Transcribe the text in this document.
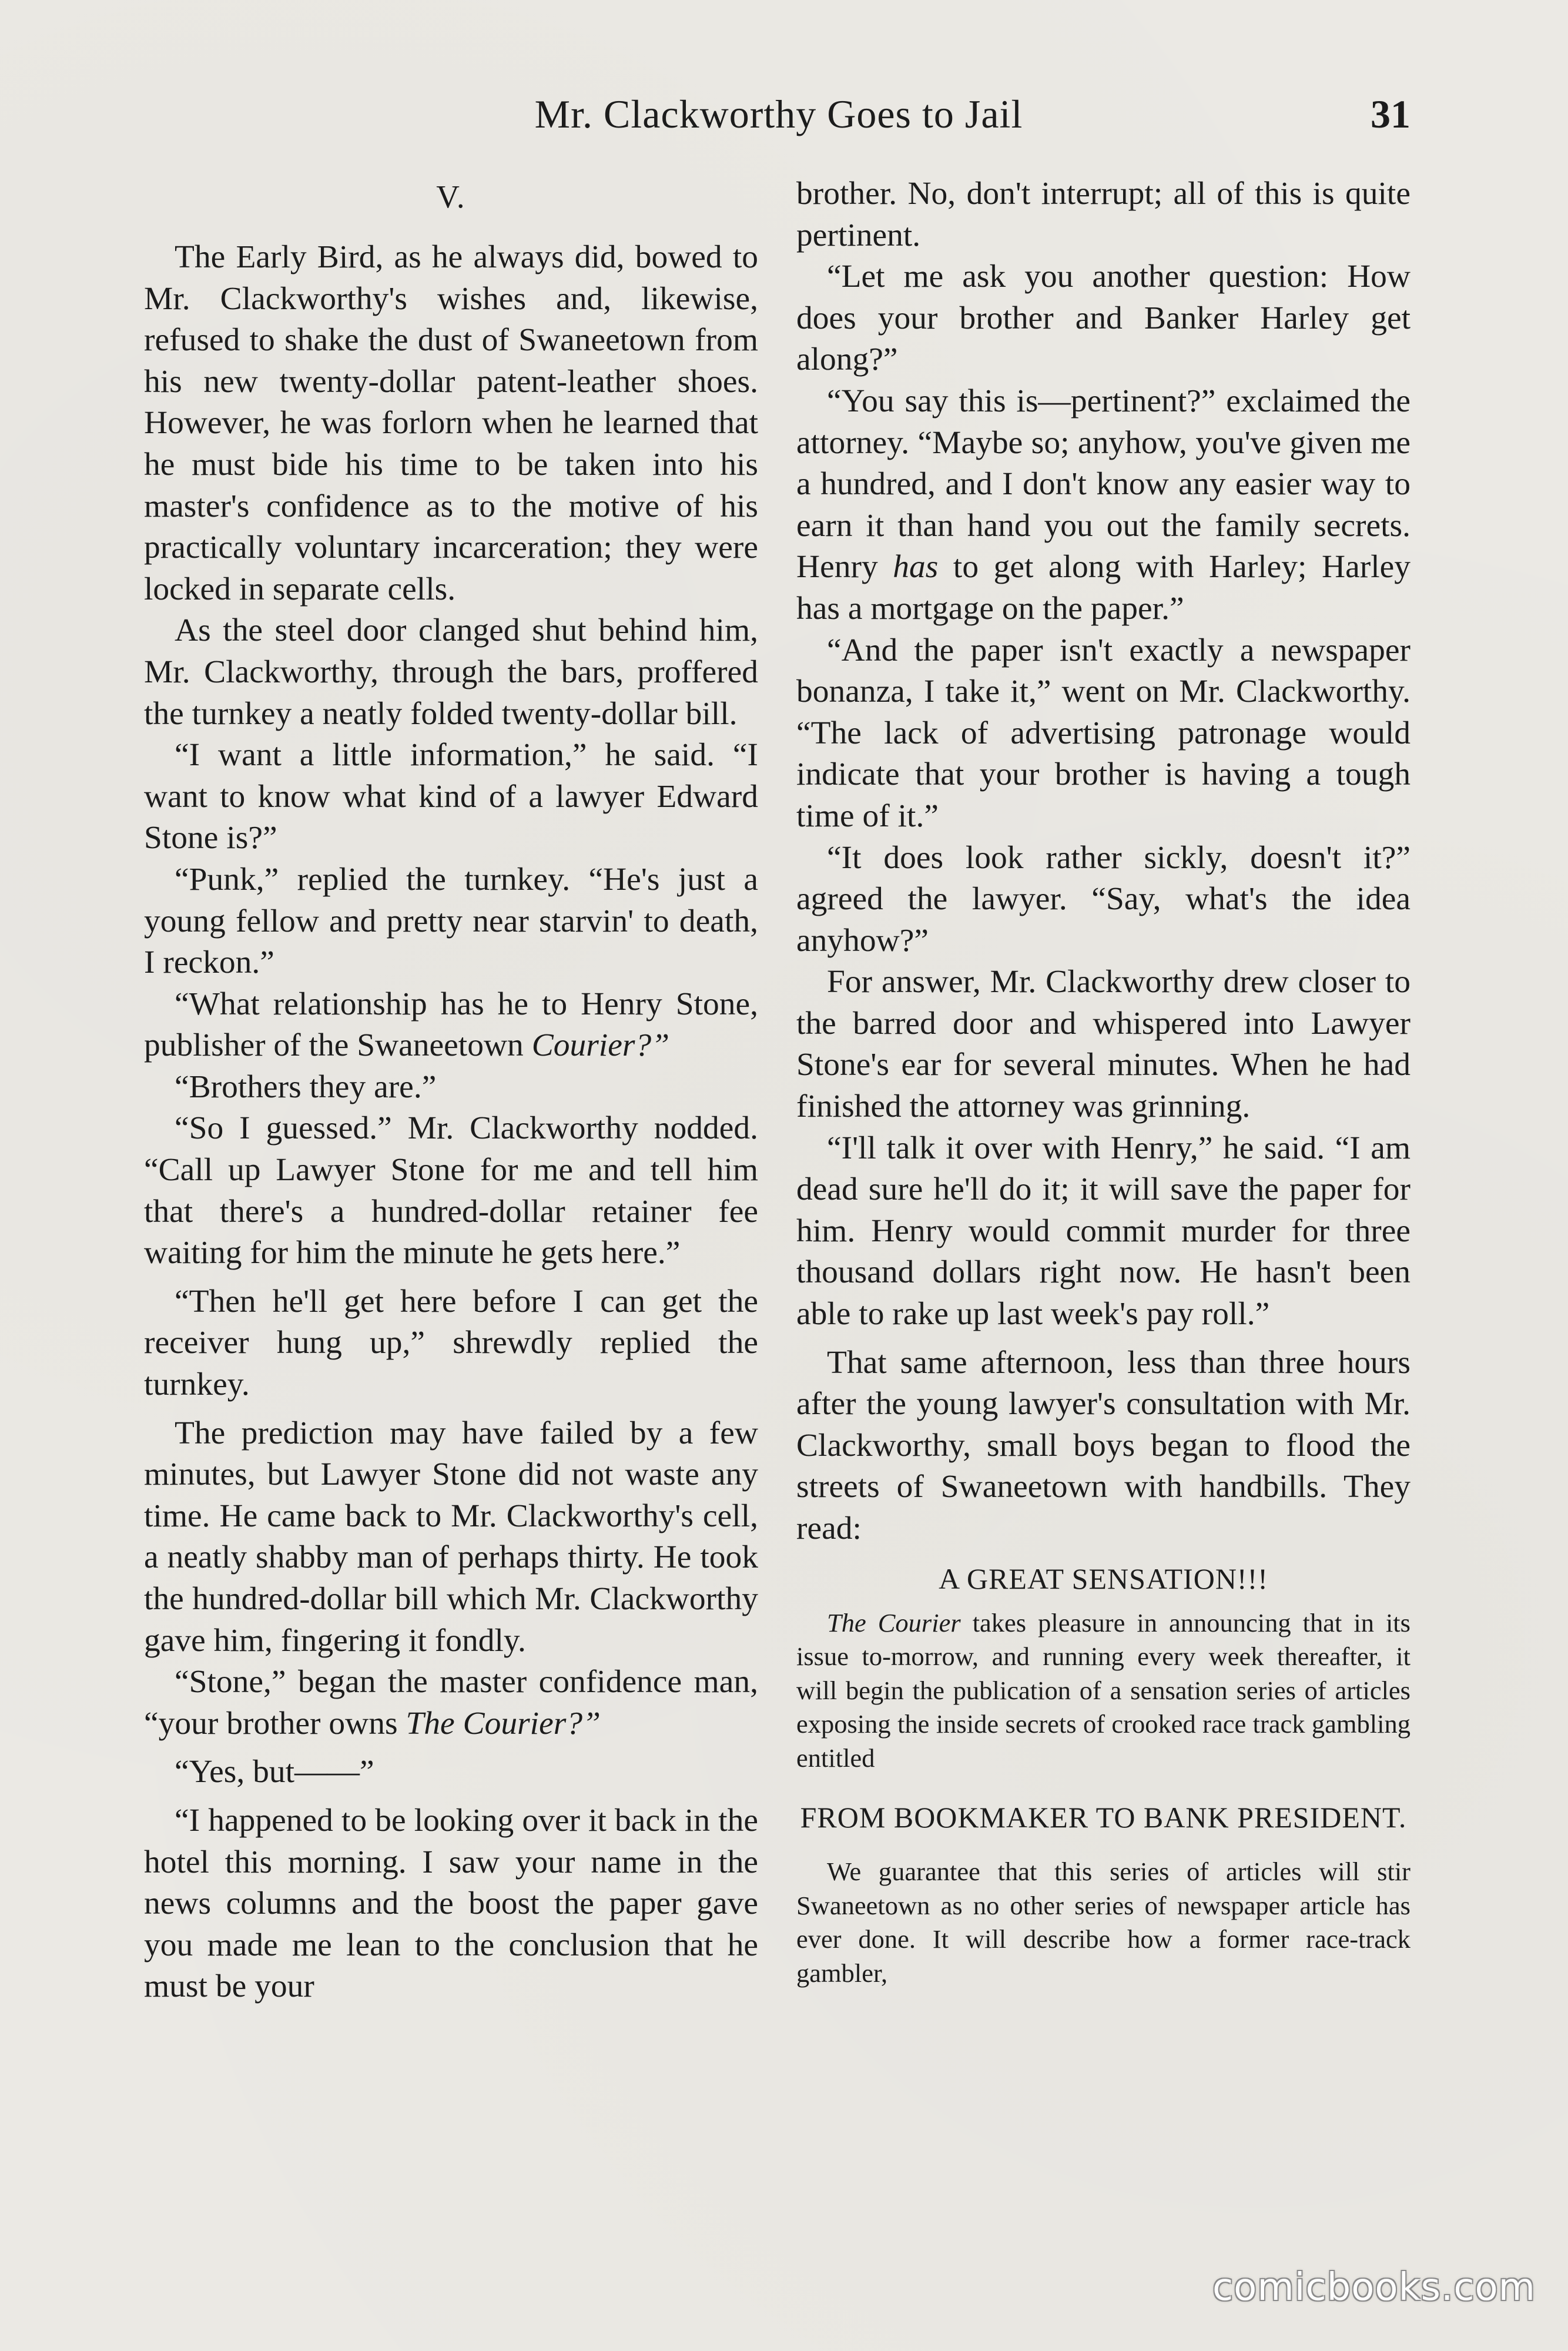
Mr. Clackworthy Goes to Jail	31
V.

The Early Bird, as he always did, bowed to Mr. Clackworthy's wishes and, likewise, refused to shake the dust of Swaneetown from his new twenty-dollar patent-leather shoes. However, he was forlorn when he learned that he must bide his time to be taken into his master's confidence as to the motive of his practically voluntary incarceration; they were locked in separate cells.

As the steel door clanged shut behind him, Mr. Clackworthy, through the bars, proffered the turnkey a neatly folded twenty-dollar bill.

“I want a little information,” he said. “I want to know what kind of a lawyer Edward Stone is?”

“Punk,” replied the turnkey. “He's just a young fellow and pretty near starvin' to death, I reckon.”

“What relationship has he to Henry Stone, publisher of the Swaneetown Courier?”

“Brothers they are.”

“So I guessed.” Mr. Clackworthy nodded. “Call up Lawyer Stone for me and tell him that there's a hundred-dollar retainer fee waiting for him the minute he gets here.”

“Then he'll get here before I can get the receiver hung up,” shrewdly replied the turnkey.

The prediction may have failed by a few minutes, but Lawyer Stone did not waste any time. He came back to Mr. Clackworthy's cell, a neatly shabby man of perhaps thirty. He took the hundred-dollar bill which Mr. Clackworthy gave him, fingering it fondly.

“Stone,” began the master confidence man, “your brother owns The Courier?”

“Yes, but——”

“I happened to be looking over it back in the hotel this morning. I saw your name in the news columns and the boost the paper gave you made me lean to the conclusion that he must be your

brother. No, don't interrupt; all of this is quite pertinent.

“Let me ask you another question: How does your brother and Banker Harley get along?”

“You say this is—pertinent?” exclaimed the attorney. “Maybe so; anyhow, you've given me a hundred, and I don't know any easier way to earn it than hand you out the family secrets. Henry has to get along with Harley; Harley has a mortgage on the paper.”

“And the paper isn't exactly a newspaper bonanza, I take it,” went on Mr. Clackworthy. “The lack of advertising patronage would indicate that your brother is having a tough time of it.”

“It does look rather sickly, doesn't it?” agreed the lawyer. “Say, what's the idea anyhow?”

For answer, Mr. Clackworthy drew closer to the barred door and whispered into Lawyer Stone's ear for several minutes. When he had finished the attorney was grinning.

“I'll talk it over with Henry,” he said. “I am dead sure he'll do it; it will save the paper for him. Henry would commit murder for three thousand dollars right now. He hasn't been able to rake up last week's pay roll.”

That same afternoon, less than three hours after the young lawyer's consultation with Mr. Clackworthy, small boys began to flood the streets of Swaneetown with handbills. They read:

A GREAT SENSATION!!!

The Courier takes pleasure in announcing that in its issue to-morrow, and running every week thereafter, it will begin the publication of a sensation series of articles exposing the inside secrets of crooked race track gambling entitled

FROM BOOKMAKER TO BANK PRESIDENT.

We guarantee that this series of articles will stir Swaneetown as no other series of newspaper article has ever done. It will describe how a former race-track gambler,

comicbooks.com
